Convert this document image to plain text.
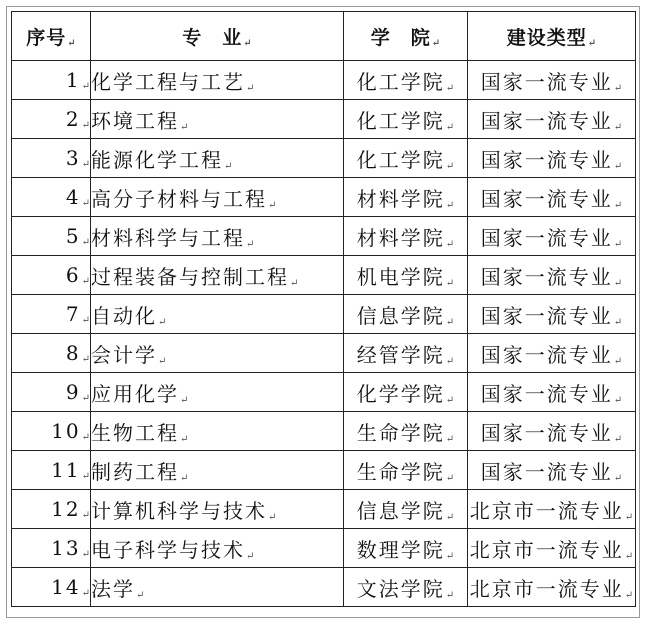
序号↵	专　业↵	学　院↵	建设类型↵
1↵	化学工程与工艺↵	化工学院↵	国家一流专业↵
2↵	环境工程↵	化工学院↵	国家一流专业↵
3↵	能源化学工程↵	化工学院↵	国家一流专业↵
4↵	高分子材料与工程↵	材料学院↵	国家一流专业↵
5↵	材料科学与工程↵	材料学院↵	国家一流专业↵
6↵	过程装备与控制工程↵	机电学院↵	国家一流专业↵
7↵	自动化↵	信息学院↵	国家一流专业↵
8↵	会计学↵	经管学院↵	国家一流专业↵
9↵	应用化学↵	化学学院↵	国家一流专业↵
10↵	生物工程↵	生命学院↵	国家一流专业↵
11↵	制药工程↵	生命学院↵	国家一流专业↵
12↵	计算机科学与技术↵	信息学院↵	北京市一流专业↵
13↵	电子科学与技术↵	数理学院↵	北京市一流专业↵
14↵	法学↵	文法学院↵	北京市一流专业↵
